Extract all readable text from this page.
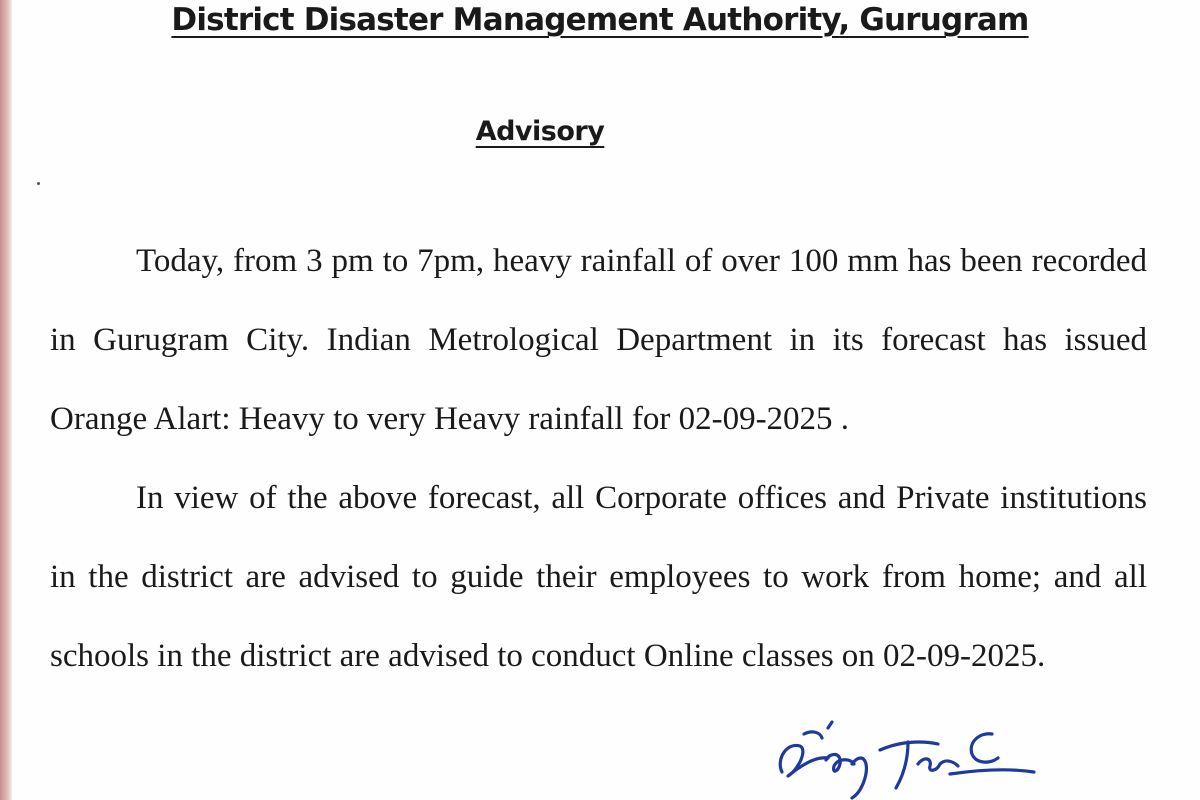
District Disaster Management Authority, Gurugram
Advisory

Today, from 3 pm to 7pm, heavy rainfall of over 100 mm has been recorded in Gurugram City. Indian Metrological Department in its forecast has issued Orange Alart: Heavy to very Heavy rainfall for 02-09-2025 .

In view of the above forecast, all Corporate offices and Private institutions in the district are advised to guide their employees to work from home; and all schools in the district are advised to conduct Online classes on 02-09-2025.
